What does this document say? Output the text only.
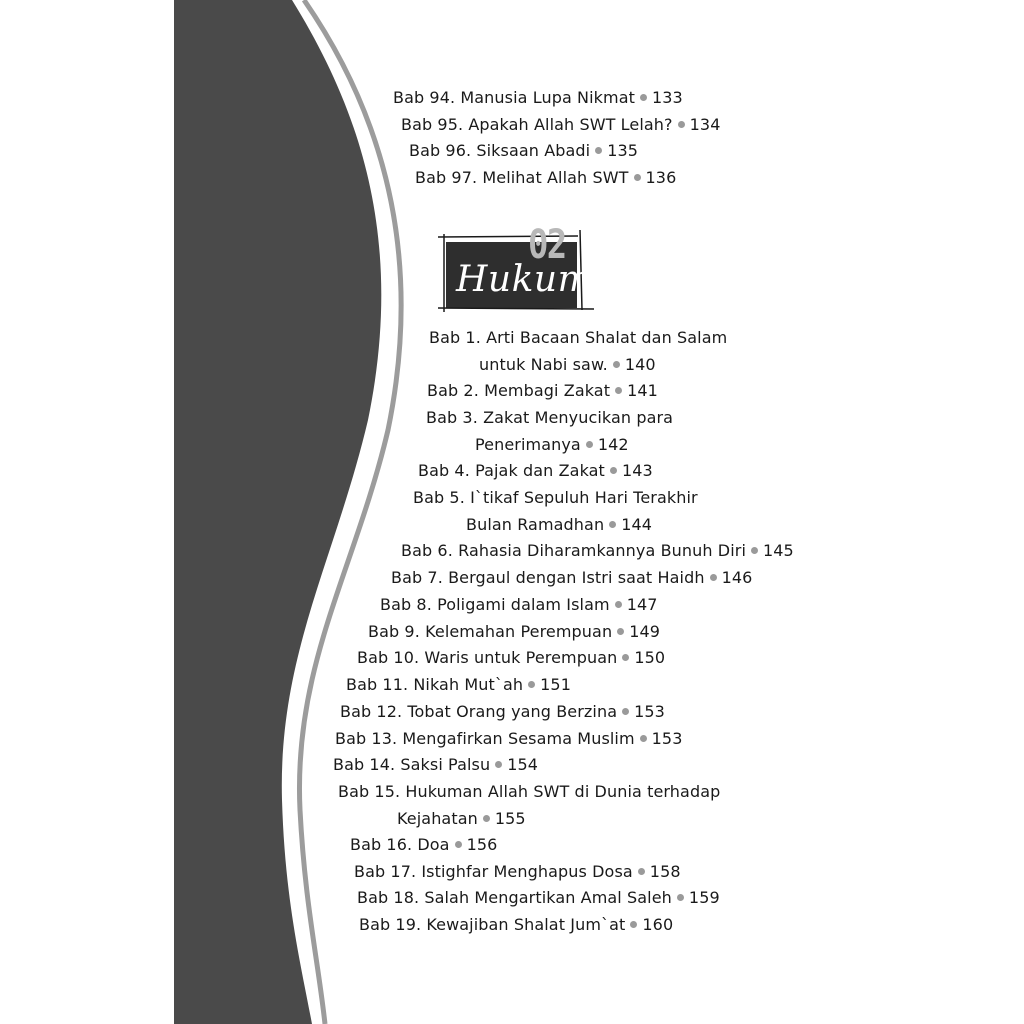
02
Hukum
Bab 94. Manusia Lupa Nikmat 133
Bab 95. Apakah Allah SWT Lelah? 134
Bab 96. Siksaan Abadi 135
Bab 97. Melihat Allah SWT 136
Bab 1. Arti Bacaan Shalat dan Salam
untuk Nabi saw. 140
Bab 2. Membagi Zakat 141
Bab 3. Zakat Menyucikan para
Penerimanya 142
Bab 4. Pajak dan Zakat 143
Bab 5. I`tikaf Sepuluh Hari Terakhir
Bulan Ramadhan 144
Bab 6. Rahasia Diharamkannya Bunuh Diri 145
Bab 7. Bergaul dengan Istri saat Haidh 146
Bab 8. Poligami dalam Islam 147
Bab 9. Kelemahan Perempuan 149
Bab 10. Waris untuk Perempuan 150
Bab 11. Nikah Mut`ah 151
Bab 12. Tobat Orang yang Berzina 153
Bab 13. Mengafirkan Sesama Muslim 153
Bab 14. Saksi Palsu 154
Bab 15. Hukuman Allah SWT di Dunia terhadap
Kejahatan 155
Bab 16. Doa 156
Bab 17. Istighfar Menghapus Dosa 158
Bab 18. Salah Mengartikan Amal Saleh 159
Bab 19. Kewajiban Shalat Jum`at 160
